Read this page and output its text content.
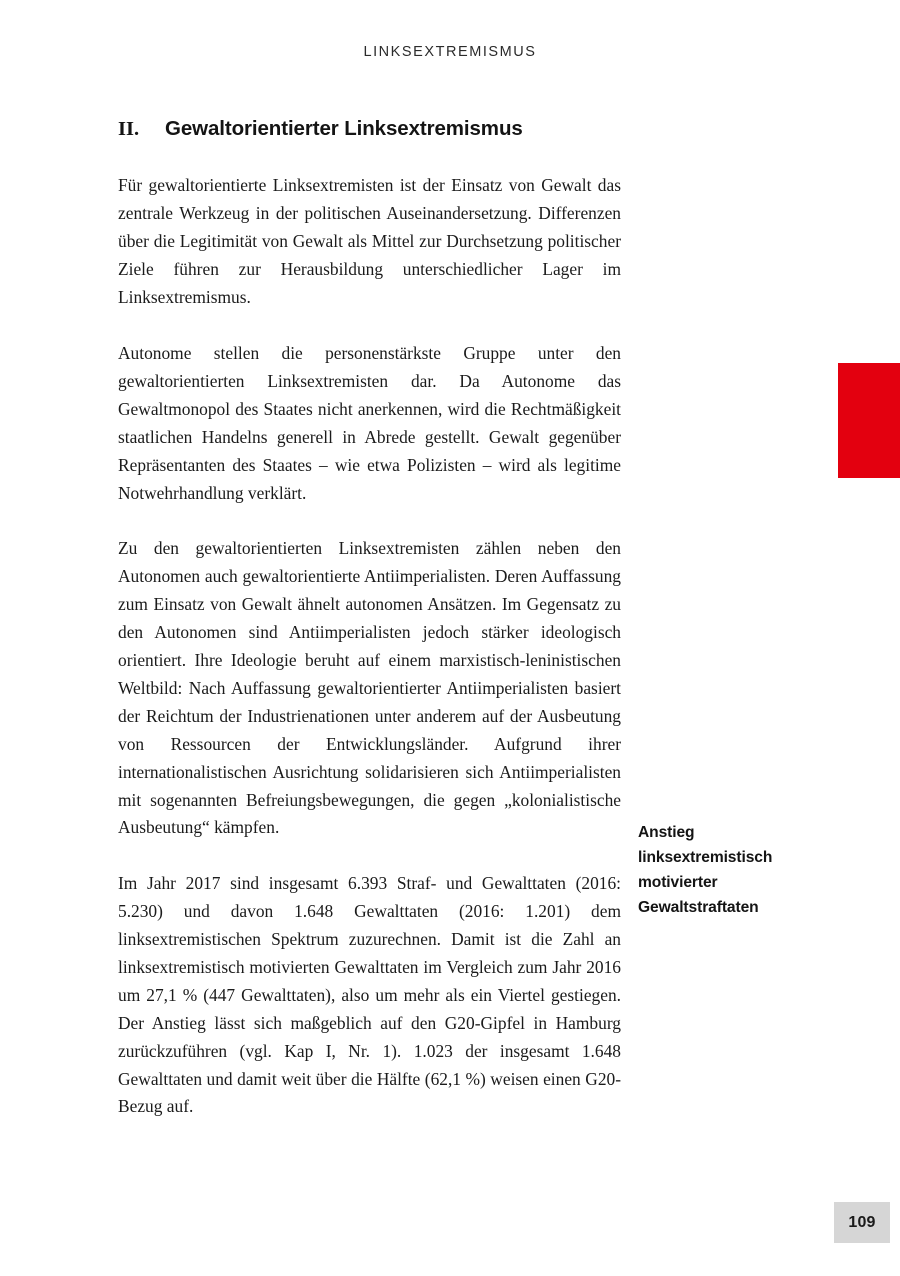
LINKSEXTREMISMUS
II. Gewaltorientierter Linksextremismus

Für gewaltorientierte Linksextremisten ist der Einsatz von Gewalt das zentrale Werkzeug in der politischen Auseinandersetzung. Differenzen über die Legitimität von Gewalt als Mittel zur Durchsetzung politischer Ziele führen zur Herausbildung unterschiedlicher Lager im Linksextremismus.

Autonome stellen die personenstärkste Gruppe unter den gewaltorientierten Linksextremisten dar. Da Autonome das Gewaltmonopol des Staates nicht anerkennen, wird die Rechtmäßigkeit staatlichen Handelns generell in Abrede gestellt. Gewalt gegenüber Repräsentanten des Staates – wie etwa Polizisten – wird als legitime Notwehrhandlung verklärt.

Zu den gewaltorientierten Linksextremisten zählen neben den Autonomen auch gewaltorientierte Antiimperialisten. Deren Auffassung zum Einsatz von Gewalt ähnelt autonomen Ansätzen. Im Gegensatz zu den Autonomen sind Antiimperialisten jedoch stärker ideologisch orientiert. Ihre Ideologie beruht auf einem marxistisch-leninistischen Weltbild: Nach Auffassung gewaltorientierter Antiimperialisten basiert der Reichtum der Industrienationen unter anderem auf der Ausbeutung von Ressourcen der Entwicklungsländer. Aufgrund ihrer internationalistischen Ausrichtung solidarisieren sich Antiimperialisten mit sogenannten Befreiungsbewegungen, die gegen „kolonialistische Ausbeutung“ kämpfen.

Im Jahr 2017 sind insgesamt 6.393 Straf- und Gewalttaten (2016: 5.230) und davon 1.648 Gewalttaten (2016: 1.201) dem linksextremistischen Spektrum zuzurechnen. Damit ist die Zahl an linksextremistisch motivierten Gewalttaten im Vergleich zum Jahr 2016 um 27,1 % (447 Gewalttaten), also um mehr als ein Viertel gestiegen. Der Anstieg lässt sich maßgeblich auf den G20-Gipfel in Hamburg zurückzuführen (vgl. Kap I, Nr. 1). 1.023 der insgesamt 1.648 Gewalttaten und damit weit über die Hälfte (62,1 %) weisen einen G20-Bezug auf.

Anstieg linksextremistisch motivierter Gewaltstraftaten
109
